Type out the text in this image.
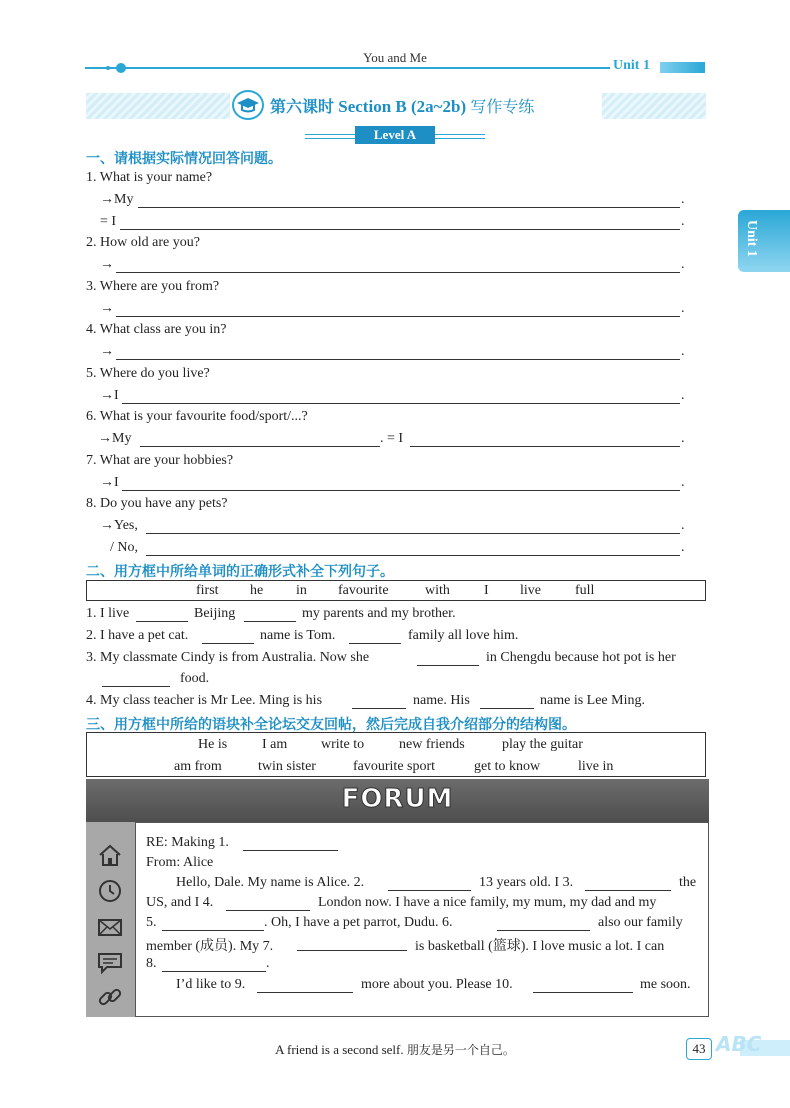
You and Me
Unit 1
第六课时 Section B (2a~2b) 写作专练
Level A
一、请根据实际情况回答问题。
1. What is your name?
→My	.
= I	.
2. How old are you?
→	.
3. Where are you from?
→	.
4. What class are you in?
→	.
5. Where do you live?
→I	.
6. What is your favourite food/sport/...?
→My	. = I	.
7. What are your hobbies?
→I	.
8. Do you have any pets?
→Yes,	.
/ No,	.
二、用方框中所给单词的正确形式补全下列句子。
first he in favourite	with I live full
1. I live	Beijing	my parents and my brother.
2. I have a pet cat.	name is Tom.	family all love him.
3. My classmate Cindy is from Australia. Now she	in Chengdu because hot pot is her
food.
4. My class teacher is Mr Lee. Ming is his	name. His	name is Lee Ming.
三、用方框中所给的语块补全论坛交友回帖，然后完成自我介绍部分的结构图。
He is I am write to new friends	play the guitar
am from	twin sister	favourite sport	get to know	live in
FORUM
RE: Making 1.
From: Alice
Hello, Dale. My name is Alice. 2.	13 years old. I 3.	the
US, and I 4.	London now. I have a nice family, my mum, my dad and my
5.	. Oh, I have a pet parrot, Dudu. 6.	also our family
member (成员). My 7.	is basketball (篮球). I love music a lot. I can
8.	.
I’d like to 9.	more about you. Please 10.	me soon.
Unit 1
A friend is a second self. 朋友是另一个自己。	ABC
43
